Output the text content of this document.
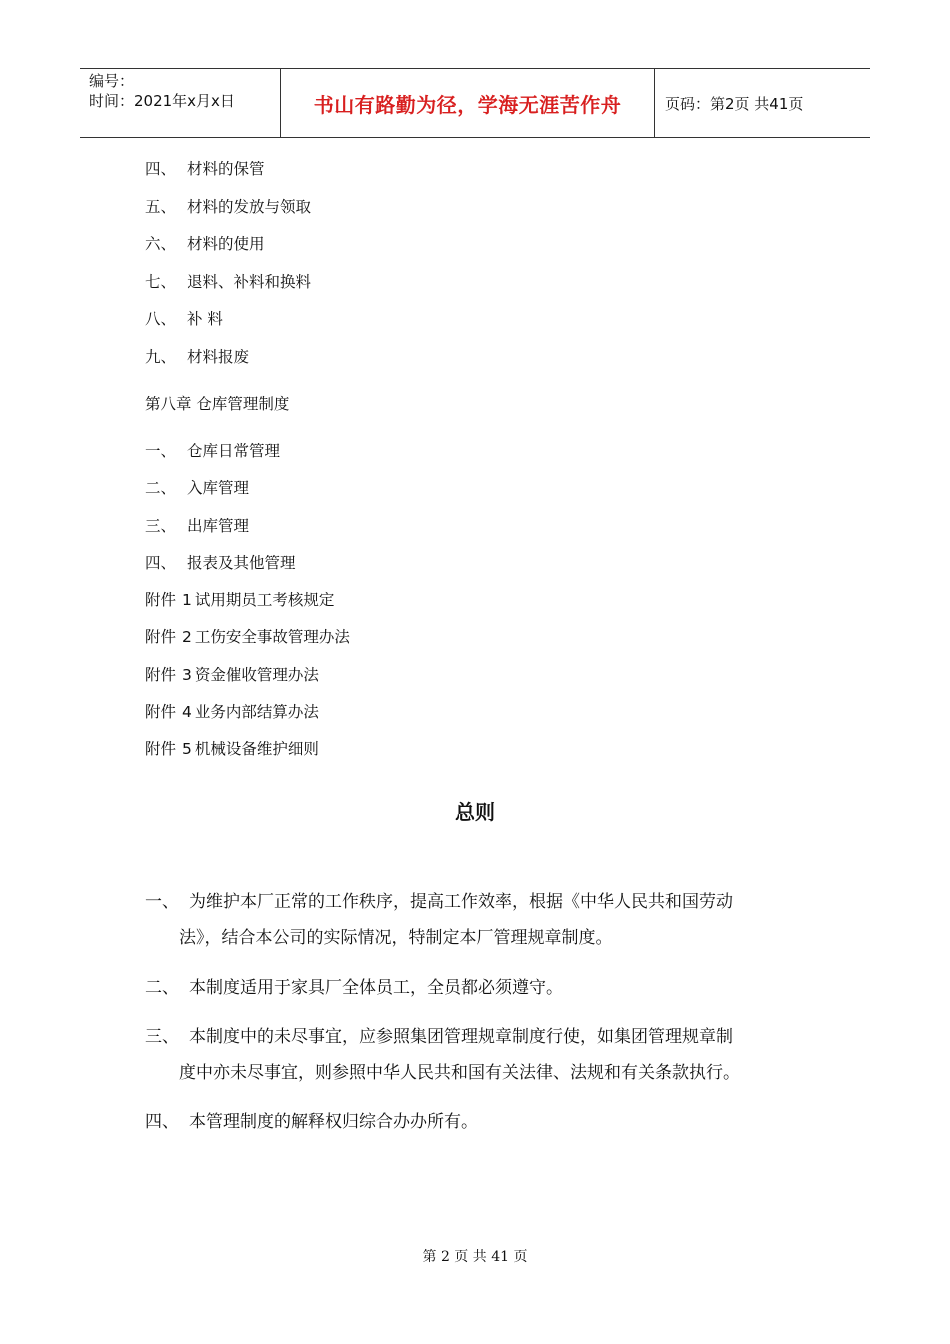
编号：
时间：2021年x月x日	书山有路勤为径，学海无涯苦作舟	页码：第2页 共41页
四、 材料的保管
五、 材料的发放与领取
六、 材料的使用
七、 退料、补料和换料
八、 补 料
九、 材料报废
第八章 仓库管理制度
一、 仓库日常管理
二、 入库管理
三、 出库管理
四、 报表及其他管理
附件 1 试用期员工考核规定
附件 2 工伤安全事故管理办法
附件 3 资金催收管理办法
附件 4 业务内部结算办法
附件 5 机械设备维护细则
总则
一、 为维护本厂正常的工作秩序，提高工作效率，根据《中华人民共和国劳动
法》，结合本公司的实际情况，特制定本厂管理规章制度。
二、 本制度适用于家具厂全体员工，全员都必须遵守。
三、 本制度中的未尽事宜，应参照集团管理规章制度行使，如集团管理规章制
度中亦未尽事宜，则参照中华人民共和国有关法律、法规和有关条款执行。
四、 本管理制度的解释权归综合办办所有。
第 2 页 共 41 页
